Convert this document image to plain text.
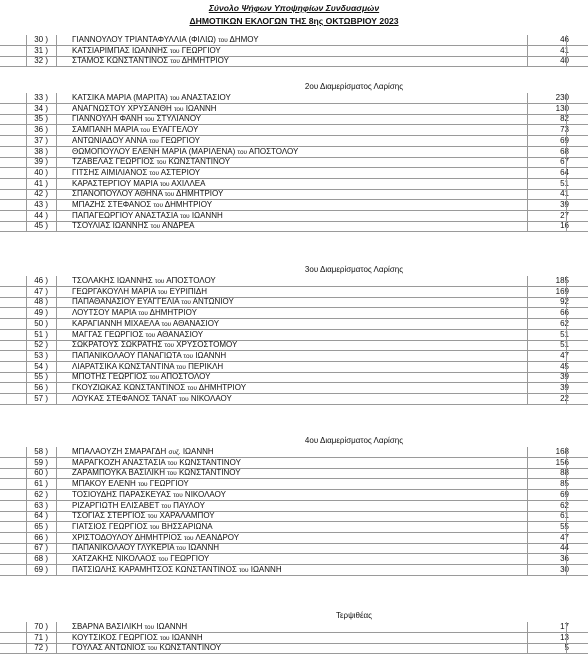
Σύνολο Ψήφων Υποψηφίων Συνδυασμών
ΔΗΜΟΤΙΚΩΝ ΕΚΛΟΓΩΝ ΤΗΣ 8ης ΟΚΤΩΒΡΙΟΥ 2023
30 )	ΓΙΑΝΝΟΥΛΟΥ ΤΡΙΑΝΤΑΦΥΛΛΙΑ (ΦΙΛΙΩ) του ΔΗΜΟΥ	46
31 )	ΚΑΤΣΙΑΡΙΜΠΑΣ ΙΩΑΝΝΗΣ του ΓΕΩΡΓΙΟΥ	41
32 )	ΣΤΑΜΟΣ ΚΩΝΣΤΑΝΤΙΝΟΣ του ΔΗΜΗΤΡΙΟΥ	40
2ου Διαμερίσματος Λαρίσης
33 )	ΚΑΤΣΙΚΑ ΜΑΡΙΑ (ΜΑΡΙΤΑ) του ΑΝΑΣΤΑΣΙΟΥ	230
34 )	ΑΝΑΓΝΩΣΤΟΥ ΧΡΥΣΑΝΘΗ του ΙΩΑΝΝΗ	130
35 )	ΓΙΑΝΝΟΥΛΗ ΦΑΝΗ του ΣΤΥΛΙΑΝΟΥ	82
36 )	ΣΑΜΠΑΝΗ ΜΑΡΙΑ του ΕΥΑΓΓΕΛΟΥ	73
37 )	ΑΝΤΩΝΙΑΔΟΥ ΑΝΝΑ του ΓΕΩΡΓΙΟΥ	69
38 )	ΘΩΜΟΠΟΥΛΟΥ ΕΛΕΝΗ ΜΑΡΙΑ (ΜΑΡΙΛΕΝΑ) του ΑΠΟΣΤΟΛΟΥ	68
39 )	ΤΖΑΒΕΛΑΣ ΓΕΩΡΓΙΟΣ του ΚΩΝΣΤΑΝΤΙΝΟΥ	67
40 )	ΓΙΤΣΗΣ ΑΙΜΙΛΙΑΝΟΣ του ΑΣΤΕΡΙΟΥ	64
41 )	ΚΑΡΑΣΤΕΡΓΙΟΥ ΜΑΡΙΑ του ΑΧΙΛΛΕΑ	51
42 )	ΣΠΑΝΟΠΟΥΛΟΥ ΑΘΗΝΑ του ΔΗΜΗΤΡΙΟΥ	41
43 )	ΜΠΑΖΗΣ ΣΤΕΦΑΝΟΣ του ΔΗΜΗΤΡΙΟΥ	39
44 )	ΠΑΠΑΓΕΩΡΓΙΟΥ ΑΝΑΣΤΑΣΙΑ του ΙΩΑΝΝΗ	27
45 )	ΤΣΟΥΛΙΑΣ ΙΩΑΝΝΗΣ του ΑΝΔΡΕΑ	16
3ου Διαμερίσματος Λαρίσης
46 )	ΤΣΟΛΑΚΗΣ ΙΩΑΝΝΗΣ του ΑΠΟΣΤΟΛΟΥ	185
47 )	ΓΕΩΡΓΑΚΟΥΛΗ ΜΑΡΙΑ του ΕΥΡΙΠΙΔΗ	169
48 )	ΠΑΠΑΘΑΝΑΣΙΟΥ ΕΥΑΓΓΕΛΙΑ του ΑΝΤΩΝΙΟΥ	92
49 )	ΛΟΥΤΣΟΥ ΜΑΡΙΑ του ΔΗΜΗΤΡΙΟΥ	66
50 )	ΚΑΡΑΓΙΑΝΝΗ ΜΙΧΑΕΛΑ του ΑΘΑΝΑΣΙΟΥ	62
51 )	ΜΑΓΓΑΣ ΓΕΩΡΓΙΟΣ του ΑΘΑΝΑΣΙΟΥ	51
52 )	ΣΩΚΡΑΤΟΥΣ ΣΩΚΡΑΤΗΣ του ΧΡΥΣΟΣΤΟΜΟΥ	51
53 )	ΠΑΠΑΝΙΚΟΛΑΟΥ ΠΑΝΑΓΙΩΤΑ του ΙΩΑΝΝΗ	47
54 )	ΛΙΑΡΑΤΣΙΚΑ ΚΩΝΣΤΑΝΤΙΝΑ του ΠΕΡΙΚΛΗ	45
55 )	ΜΠΟΤΗΣ ΓΕΩΡΓΙΟΣ του ΑΠΟΣΤΟΛΟΥ	39
56 )	ΓΚΟΥΖΙΩΚΑΣ ΚΩΝΣΤΑΝΤΙΝΟΣ του ΔΗΜΗΤΡΙΟΥ	39
57 )	ΛΟΥΚΑΣ ΣΤΕΦΑΝΟΣ ΤΑΝΑΤ του ΝΙΚΟΛΑΟΥ	22
4ου Διαμερίσματος Λαρίσης
58 )	ΜΠΑΛΑΟΥΖΗ ΣΜΑΡΑΓΔΗ συζ. ΙΩΑΝΝΗ	168
59 )	ΜΑΡΑΓΚΟΖΗ ΑΝΑΣΤΑΣΙΑ του ΚΩΝΣΤΑΝΤΙΝΟΥ	156
60 )	ΖΑΡΑΜΠΟΥΚΑ ΒΑΣΙΛΙΚΗ του ΚΩΝΣΤΑΝΤΙΝΟΥ	88
61 )	ΜΠΑΚΟΥ ΕΛΕΝΗ του ΓΕΩΡΓΙΟΥ	85
62 )	ΤΟΣΙΟΥΔΗΣ ΠΑΡΑΣΚΕΥΑΣ του ΝΙΚΟΛΑΟΥ	69
63 )	ΡΙΖΑΡΓΙΩΤΗ ΕΛΙΣΑΒΕΤ του ΠΑΥΛΟΥ	62
64 )	ΤΣΟΓΙΑΣ ΣΤΕΡΓΙΟΣ του ΧΑΡΑΛΑΜΠΟΥ	61
65 )	ΓΙΑΤΣΙΟΣ ΓΕΩΡΓΙΟΣ του ΒΗΣΣΑΡΙΩΝΑ	55
66 )	ΧΡΙΣΤΟΔΟΥΛΟΥ ΔΗΜΗΤΡΙΟΣ του ΛΕΑΝΔΡΟΥ	47
67 )	ΠΑΠΑΝΙΚΟΛΑΟΥ ΓΛΥΚΕΡΙΑ του ΙΩΑΝΝΗ	44
68 )	ΧΑΤΖΑΚΗΣ ΝΙΚΟΛΑΟΣ του ΓΕΩΡΓΙΟΥ	36
69 )	ΠΑΤΣΙΩΛΗΣ ΚΑΡΑΜΗΤΣΟΣ ΚΩΝΣΤΑΝΤΙΝΟΣ του ΙΩΑΝΝΗ	30
Τερψιθέας
70 )	ΣΒΑΡΝΑ ΒΑΣΙΛΙΚΗ του ΙΩΑΝΝΗ	17
71 )	ΚΟΥΤΣΙΚΟΣ ΓΕΩΡΓΙΟΣ του ΙΩΑΝΝΗ	13
72 )	ΓΟΥΛΑΣ ΑΝΤΩΝΙΟΣ του ΚΩΝΣΤΑΝΤΙΝΟΥ	5
